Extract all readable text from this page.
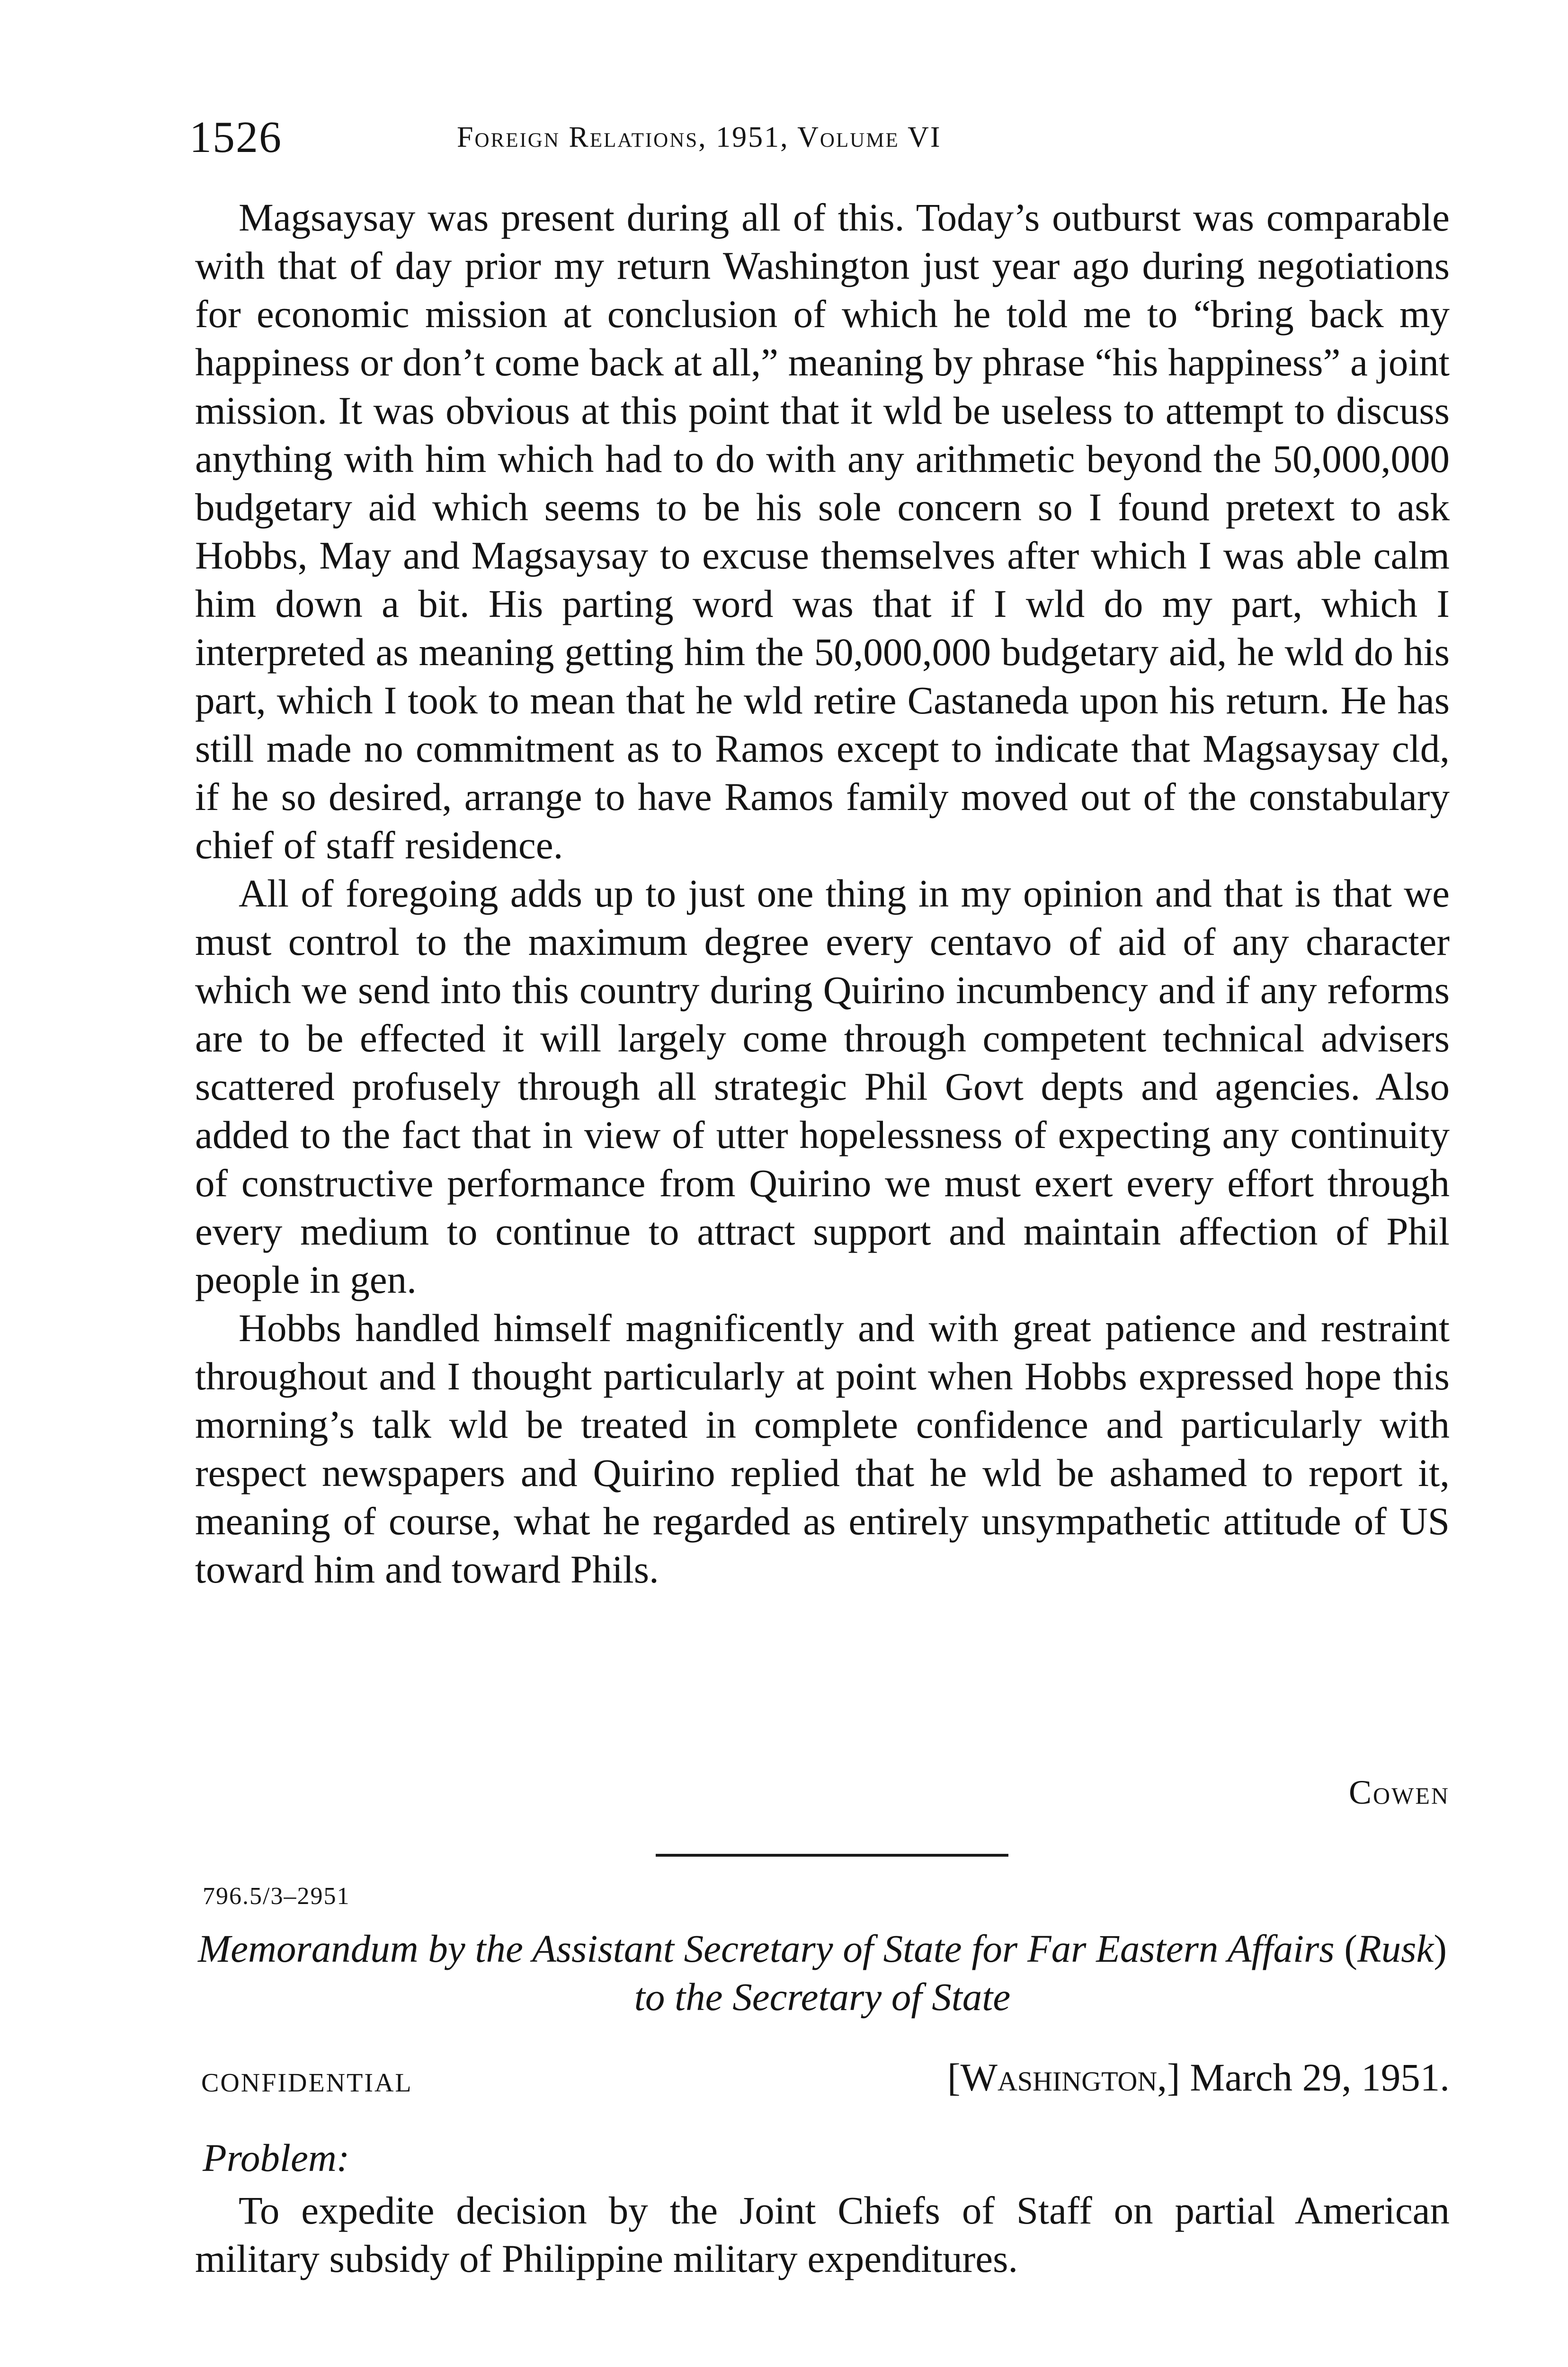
1526	Foreign Relations, 1951, Volume VI

Magsaysay was present during all of this. Today’s outburst was comparable with that of day prior my return Washington just year ago during negotiations for economic mission at conclusion of which he told me to “bring back my happiness or don’t come back at all,” meaning by phrase “his happiness” a joint mission. It was obvious at this point that it wld be useless to attempt to discuss anything with him which had to do with any arithmetic beyond the 50,000,000 budgetary aid which seems to be his sole concern so I found pretext to ask Hobbs, May and Magsaysay to excuse themselves after which I was able calm him down a bit. His parting word was that if I wld do my part, which I interpreted as meaning getting him the 50,000,000 budgetary aid, he wld do his part, which I took to mean that he wld retire Castaneda upon his return. He has still made no commitment as to Ramos except to indicate that Magsaysay cld, if he so desired, arrange to have Ramos family moved out of the constabulary chief of staff residence.

All of foregoing adds up to just one thing in my opinion and that is that we must control to the maximum degree every centavo of aid of any character which we send into this country during Quirino incumbency and if any reforms are to be effected it will largely come through competent technical advisers scattered profusely through all strategic Phil Govt depts and agencies. Also added to the fact that in view of utter hopelessness of expecting any continuity of constructive performance from Quirino we must exert every effort through every medium to continue to attract support and maintain affection of Phil people in gen.

Hobbs handled himself magnificently and with great patience and restraint throughout and I thought particularly at point when Hobbs expressed hope this morning’s talk wld be treated in complete confidence and particularly with respect newspapers and Quirino replied that he wld be ashamed to report it, meaning of course, what he regarded as entirely unsympathetic attitude of US toward him and toward Phils.

Cowen
796.5/3–2951
Memorandum by the Assistant Secretary of State for Far Eastern Affairs (Rusk) to the Secretary of State
CONFIDENTIAL	[Washington,] March 29, 1951.
Problem:

To expedite decision by the Joint Chiefs of Staff on partial American military subsidy of Philippine military expenditures.
